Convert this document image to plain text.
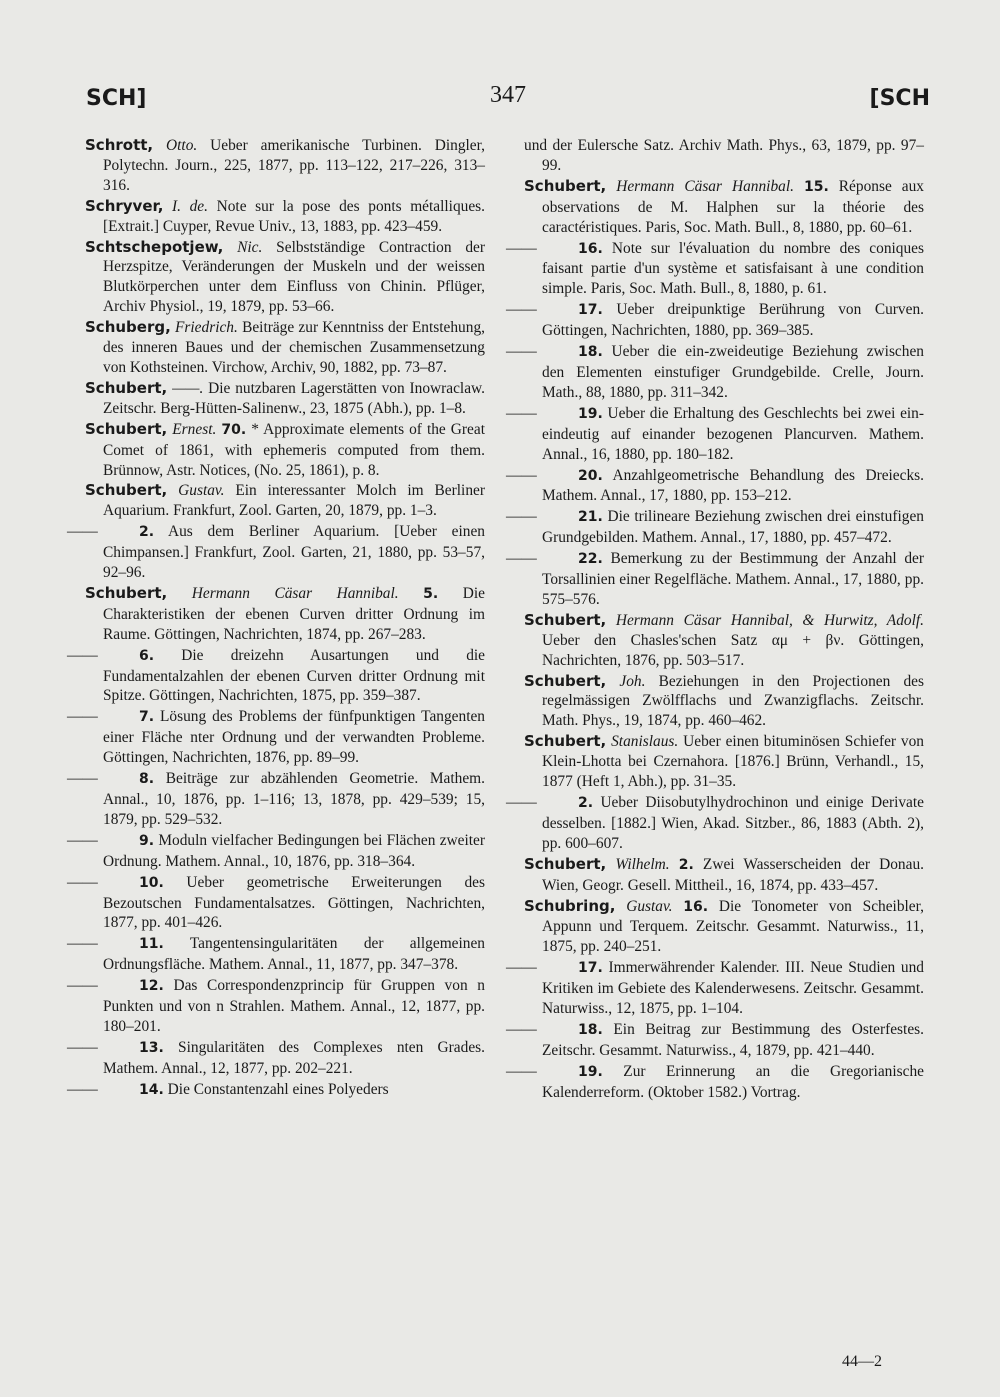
SCH]	347	[SCH

Schrott, Otto. Ueber amerikanische Turbinen. Dingler, Polytechn. Journ., 225, 1877, pp. 113–122, 217–226, 313–316.

Schryver, I. de. Note sur la pose des ponts métalliques. [Extrait.] Cuyper, Revue Univ., 13, 1883, pp. 423–459.

Schtschepotjew, Nic. Selbstständige Contraction der Herzspitze, Veränderungen der Muskeln und der weissen Blutkörperchen unter dem Einfluss von Chinin. Pflüger, Archiv Physiol., 19, 1879, pp. 53–66.

Schuberg, Friedrich. Beiträge zur Kenntniss der Entstehung, des inneren Baues und der chemischen Zusammensetzung von Kothsteinen. Virchow, Archiv, 90, 1882, pp. 73–87.

Schubert, ——. Die nutzbaren Lagerstätten von Inowraclaw. Zeitschr. Berg-Hütten-Salinenw., 23, 1875 (Abh.), pp. 1–8.

Schubert, Ernest. 70. * Approximate elements of the Great Comet of 1861, with ephemeris computed from them. Brünnow, Astr. Notices, (No. 25, 1861), p. 8.

Schubert, Gustav. Ein interessanter Molch im Berliner Aquarium. Frankfurt, Zool. Garten, 20, 1879, pp. 1–3.

——	2. Aus dem Berliner Aquarium. [Ueber einen Chimpansen.] Frankfurt, Zool. Garten, 21, 1880, pp. 53–57, 92–96.

Schubert, Hermann Cäsar Hannibal. 5. Die Charakteristiken der ebenen Curven dritter Ordnung im Raume. Göttingen, Nachrichten, 1874, pp. 267–283.

——	6. Die dreizehn Ausartungen und die Fundamentalzahlen der ebenen Curven dritter Ordnung mit Spitze. Göttingen, Nachrichten, 1875, pp. 359–387.

——	7. Lösung des Problems der fünfpunktigen Tangenten einer Fläche nter Ordnung und der verwandten Probleme. Göttingen, Nachrichten, 1876, pp. 89–99.

——	8. Beiträge zur abzählenden Geometrie. Mathem. Annal., 10, 1876, pp. 1–116; 13, 1878, pp. 429–539; 15, 1879, pp. 529–532.

——	9. Moduln vielfacher Bedingungen bei Flächen zweiter Ordnung. Mathem. Annal., 10, 1876, pp. 318–364.

——	10. Ueber geometrische Erweiterungen des Bezoutschen Fundamentalsatzes. Göttingen, Nachrichten, 1877, pp. 401–426.

——	11. Tangentensingularitäten der allgemeinen Ordnungsfläche. Mathem. Annal., 11, 1877, pp. 347–378.

——	12. Das Correspondenzprincip für Gruppen von n Punkten und von n Strahlen. Mathem. Annal., 12, 1877, pp. 180–201.

——	13. Singularitäten des Complexes nten Grades. Mathem. Annal., 12, 1877, pp. 202–221.

——	14. Die Constantenzahl eines Polyeders

und der Eulersche Satz. Archiv Math. Phys., 63, 1879, pp. 97–99.

Schubert, Hermann Cäsar Hannibal. 15. Réponse aux observations de M. Halphen sur la théorie des caractéristiques. Paris, Soc. Math. Bull., 8, 1880, pp. 60–61.

——	16. Note sur l'évaluation du nombre des coniques faisant partie d'un système et satisfaisant à une condition simple. Paris, Soc. Math. Bull., 8, 1880, p. 61.

——	17. Ueber dreipunktige Berührung von Curven. Göttingen, Nachrichten, 1880, pp. 369–385.

——	18. Ueber die ein-zweideutige Beziehung zwischen den Elementen einstufiger Grundgebilde. Crelle, Journ. Math., 88, 1880, pp. 311–342.

——	19. Ueber die Erhaltung des Geschlechts bei zwei ein-eindeutig auf einander bezogenen Plancurven. Mathem. Annal., 16, 1880, pp. 180–182.

——	20. Anzahlgeometrische Behandlung des Dreiecks. Mathem. Annal., 17, 1880, pp. 153–212.

——	21. Die trilineare Beziehung zwischen drei einstufigen Grundgebilden. Mathem. Annal., 17, 1880, pp. 457–472.

——	22. Bemerkung zu der Bestimmung der Anzahl der Torsallinien einer Regelfläche. Mathem. Annal., 17, 1880, pp. 575–576.

Schubert, Hermann Cäsar Hannibal, & Hurwitz, Adolf. Ueber den Chasles'schen Satz αμ + βν. Göttingen, Nachrichten, 1876, pp. 503–517.

Schubert, Joh. Beziehungen in den Projectionen des regelmässigen Zwölfflachs und Zwanzigflachs. Zeitschr. Math. Phys., 19, 1874, pp. 460–462.

Schubert, Stanislaus. Ueber einen bituminösen Schiefer von Klein-Lhotta bei Czernahora. [1876.] Brünn, Verhandl., 15, 1877 (Heft 1, Abh.), pp. 31–35.

——	2. Ueber Diisobutylhydrochinon und einige Derivate desselben. [1882.] Wien, Akad. Sitzber., 86, 1883 (Abth. 2), pp. 600–607.

Schubert, Wilhelm. 2. Zwei Wasserscheiden der Donau. Wien, Geogr. Gesell. Mittheil., 16, 1874, pp. 433–457.

Schubring, Gustav. 16. Die Tonometer von Scheibler, Appunn und Terquem. Zeitschr. Gesammt. Naturwiss., 11, 1875, pp. 240–251.

——	17. Immerwährender Kalender. III. Neue Studien und Kritiken im Gebiete des Kalenderwesens. Zeitschr. Gesammt. Naturwiss., 12, 1875, pp. 1–104.

——	18. Ein Beitrag zur Bestimmung des Osterfestes. Zeitschr. Gesammt. Naturwiss., 4, 1879, pp. 421–440.

——	19. Zur Erinnerung an die Gregorianische Kalenderreform. (Oktober 1582.) Vortrag.

44—2
